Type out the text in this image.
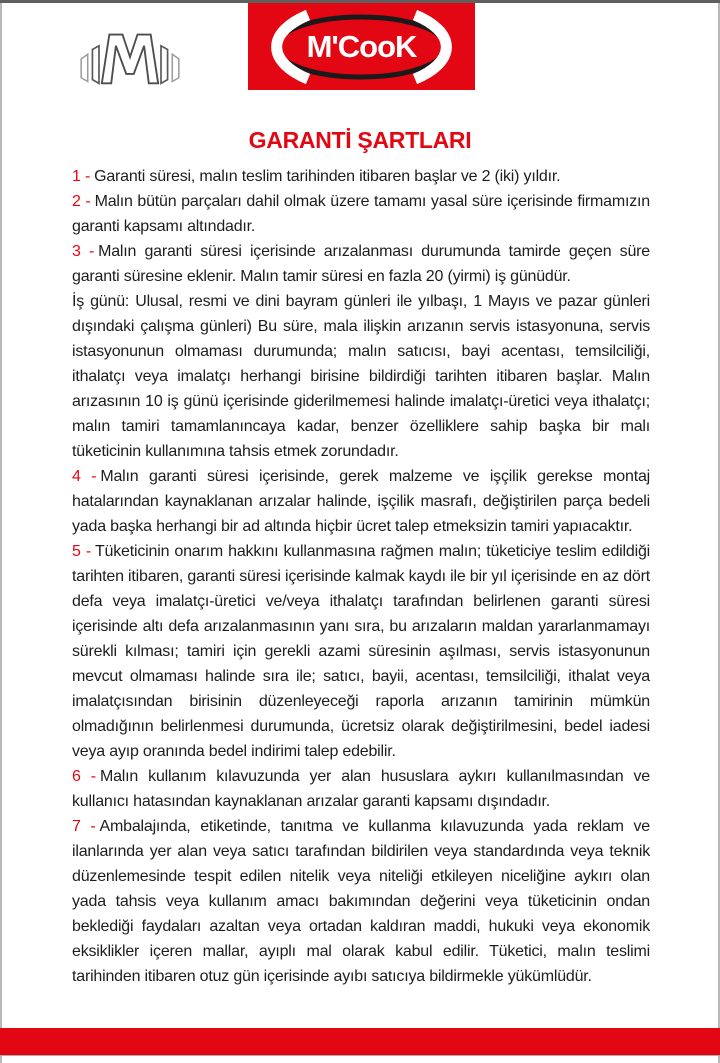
M'CooK
GARANTİ ŞARTLARI

1 - Garanti süresi, malın teslim tarihinden itibaren başlar ve 2 (iki) yıldır.

2 - Malın bütün parçaları dahil olmak üzere tamamı yasal süre içerisinde firmamızın garanti kapsamı altındadır.

3 - Malın garanti süresi içerisinde arızalanması durumunda tamirde geçen süre garanti süresine eklenir. Malın tamir süresi en fazla 20 (yirmi) iş günüdür.

İş günü: Ulusal, resmi ve dini bayram günleri ile yılbaşı, 1 Mayıs ve pazar günleri dışındaki çalışma günleri) Bu süre, mala ilişkin arızanın servis istasyonuna, servis istasyonunun olmaması durumunda; malın satıcısı, bayi acentası, temsilciliği, ithalatçı veya imalatçı herhangi birisine bildirdiği tarihten itibaren başlar. Malın arızasının 10 iş günü içerisinde giderilmemesi halinde imalatçı-üretici veya ithalatçı; malın tamiri tamamlanıncaya kadar, benzer özelliklere sahip başka bir malı tüketicinin kullanımına tahsis etmek zorundadır.

4 - Malın garanti süresi içerisinde, gerek malzeme ve işçilik gerekse montaj hatalarından kaynaklanan arızalar halinde, işçilik masrafı, değiştirilen parça bedeli yada başka herhangi bir ad altında hiçbir ücret talep etmeksizin tamiri yapıacaktır.

5 - Tüketicinin onarım hakkını kullanmasına rağmen malın; tüketiciye teslim edildiği tarihten itibaren, garanti süresi içerisinde kalmak kaydı ile bir yıl içerisinde en az dört defa veya imalatçı-üretici ve/veya ithalatçı tarafından belirlenen garanti süresi içerisinde altı defa arızalanmasının yanı sıra, bu arızaların maldan yararlanmamayı sürekli kılması; tamiri için gerekli azami süresinin aşılması, servis istasyonunun mevcut olmaması halinde sıra ile; satıcı, bayii, acentası, temsilciliği, ithalat veya imalatçısından birisinin düzenleyeceği raporla arızanın tamirinin mümkün olmadığının belirlenmesi durumunda, ücretsiz olarak değiştirilmesini, bedel iadesi veya ayıp oranında bedel indirimi talep edebilir.

6 - Malın kullanım kılavuzunda yer alan hususlara aykırı kullanılmasından ve kullanıcı hatasından kaynaklanan arızalar garanti kapsamı dışındadır.

7 - Ambalajında, etiketinde, tanıtma ve kullanma kılavuzunda yada reklam ve ilanlarında yer alan veya satıcı tarafından bildirilen veya standardında veya teknik düzenlemesinde tespit edilen nitelik veya niteliği etkileyen niceliğine aykırı olan yada tahsis veya kullanım amacı bakımından değerini veya tüketicinin ondan beklediği faydaları azaltan veya ortadan kaldıran maddi, hukuki veya ekonomik eksiklikler içeren mallar, ayıplı mal olarak kabul edilir. Tüketici, malın teslimi tarihinden itibaren otuz gün içerisinde ayıbı satıcıya bildirmekle yükümlüdür.
